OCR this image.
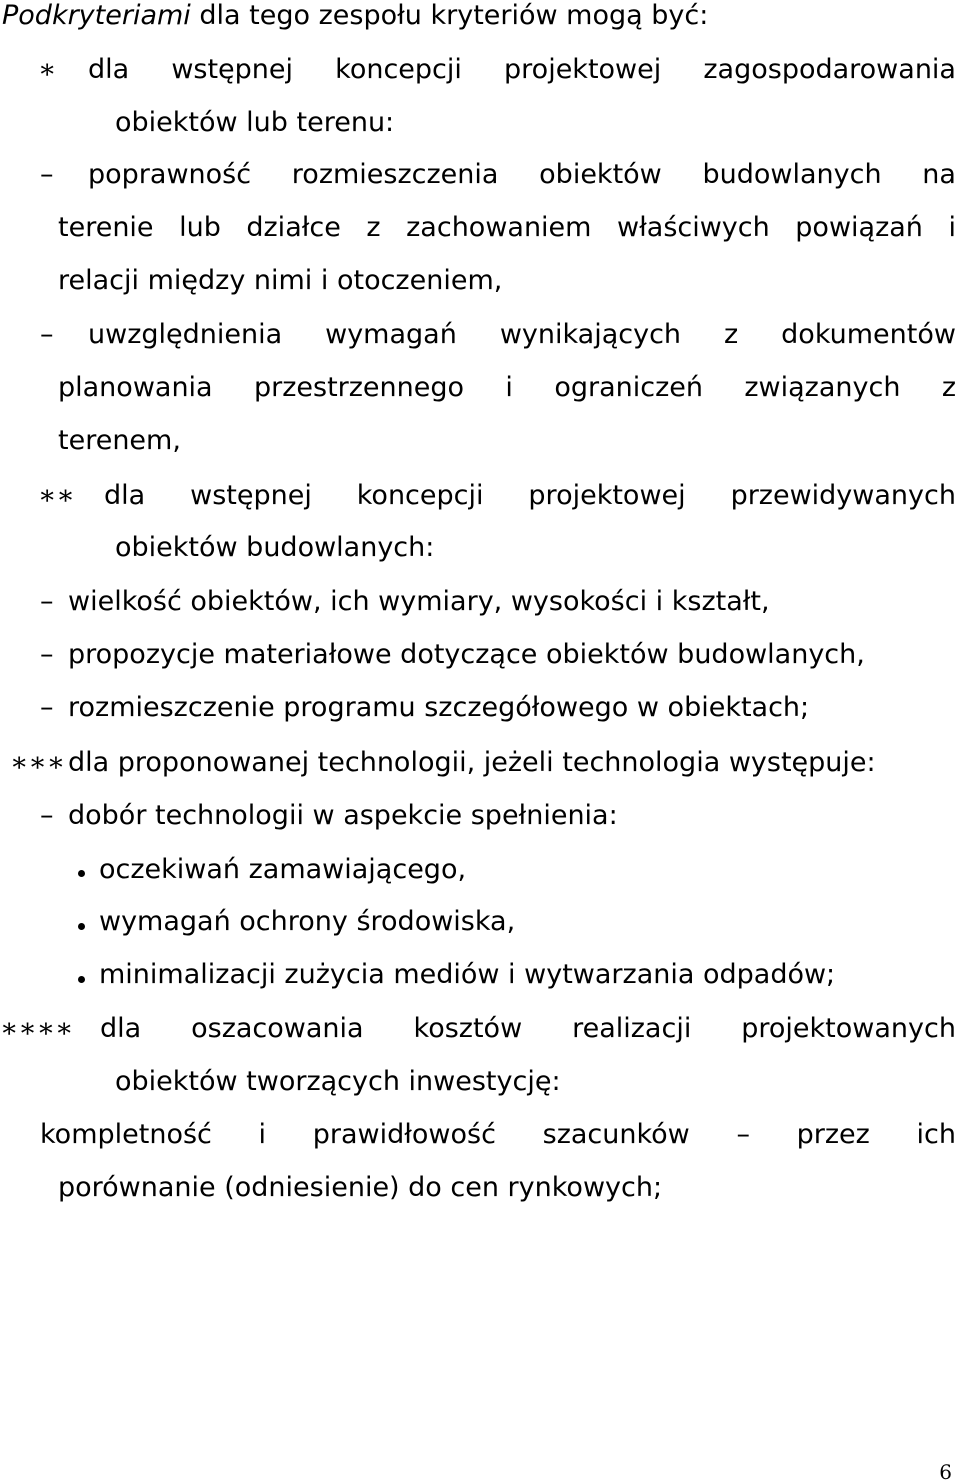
Podkryteriami dla tego zespołu kryteriów mogą być:
∗ dla wstępnej koncepcji projektowej zagospodarowania
obiektów lub terenu:
– poprawność rozmieszczenia obiektów budowlanych na
terenie lub działce z zachowaniem właściwych powiązań i
relacji między nimi i otoczeniem,
– uwzględnienia wymagań wynikających z dokumentów
planowania przestrzennego i ograniczeń związanych z
terenem,
∗∗ dla wstępnej koncepcji projektowej przewidywanych
obiektów budowlanych:
– wielkość obiektów, ich wymiary, wysokości i kształt,
– propozycje materiałowe dotyczące obiektów budowlanych,
– rozmieszczenie programu szczegółowego w obiektach;
∗∗∗ dla proponowanej technologii, jeżeli technologia występuje:
– dobór technologii w aspekcie spełnienia:
oczekiwań zamawiającego,
wymagań ochrony środowiska,
minimalizacji zużycia mediów i wytwarzania odpadów;
∗∗∗∗ dla oszacowania kosztów realizacji projektowanych
obiektów tworzących inwestycję:
kompletność i prawidłowość szacunków – przez ich
porównanie (odniesienie) do cen rynkowych;
6
